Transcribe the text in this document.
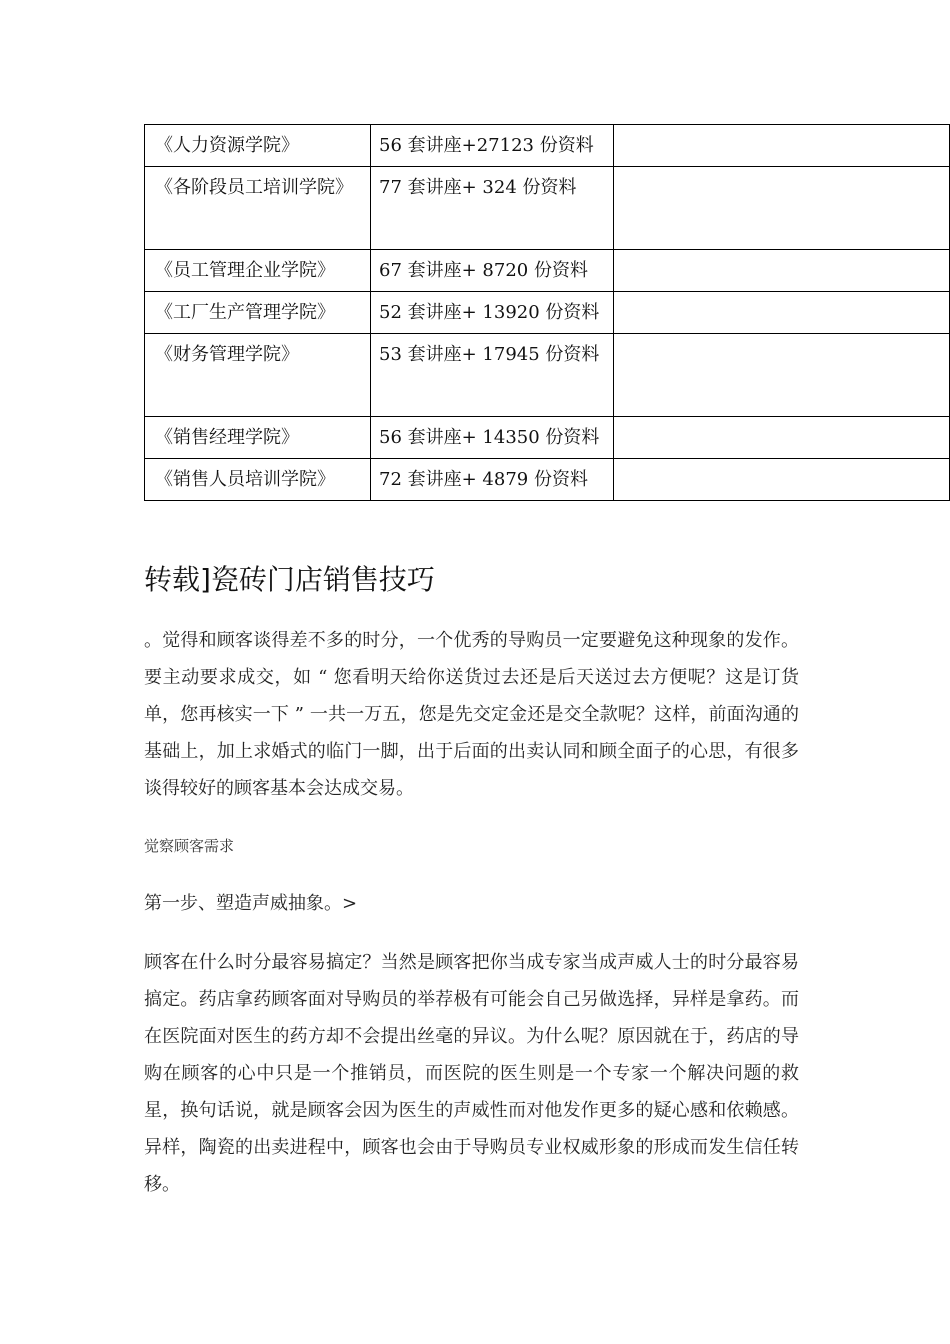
《人力资源学院》	56 套讲座+27123 份资料	
《各阶段员工培训学院》	77 套讲座+ 324 份资料	
《员工管理企业学院》	67 套讲座+ 8720 份资料	
《工厂生产管理学院》	52 套讲座+ 13920 份资料	
《财务管理学院》	53 套讲座+ 17945 份资料	
《销售经理学院》	56 套讲座+ 14350 份资料	
《销售人员培训学院》	72 套讲座+ 4879 份资料	
转载]瓷砖门店销售技巧

。觉得和顾客谈得差不多的时分，一个优秀的导购员一定要避免这种现象的发作。要主动要求成交，如 “ 您看明天给你送货过去还是后天送过去方便呢？这是订货单，您再核实一下 ” 一共一万五，您是先交定金还是交全款呢？这样，前面沟通的基础上，加上求婚式的临门一脚，出于后面的出卖认同和顾全面子的心思，有很多谈得较好的顾客基本会达成交易。

觉察顾客需求

第一步、塑造声威抽象。>

顾客在什么时分最容易搞定？当然是顾客把你当成专家当成声威人士的时分最容易搞定。药店拿药顾客面对导购员的举荐极有可能会自己另做选择，异样是拿药。而在医院面对医生的药方却不会提出丝毫的异议。为什么呢？原因就在于，药店的导购在顾客的心中只是一个推销员，而医院的医生则是一个专家一个解决问题的救星，换句话说，就是顾客会因为医生的声威性而对他发作更多的疑心感和依赖感。异样，陶瓷的出卖进程中，顾客也会由于导购员专业权威形象的形成而发生信任转移。
